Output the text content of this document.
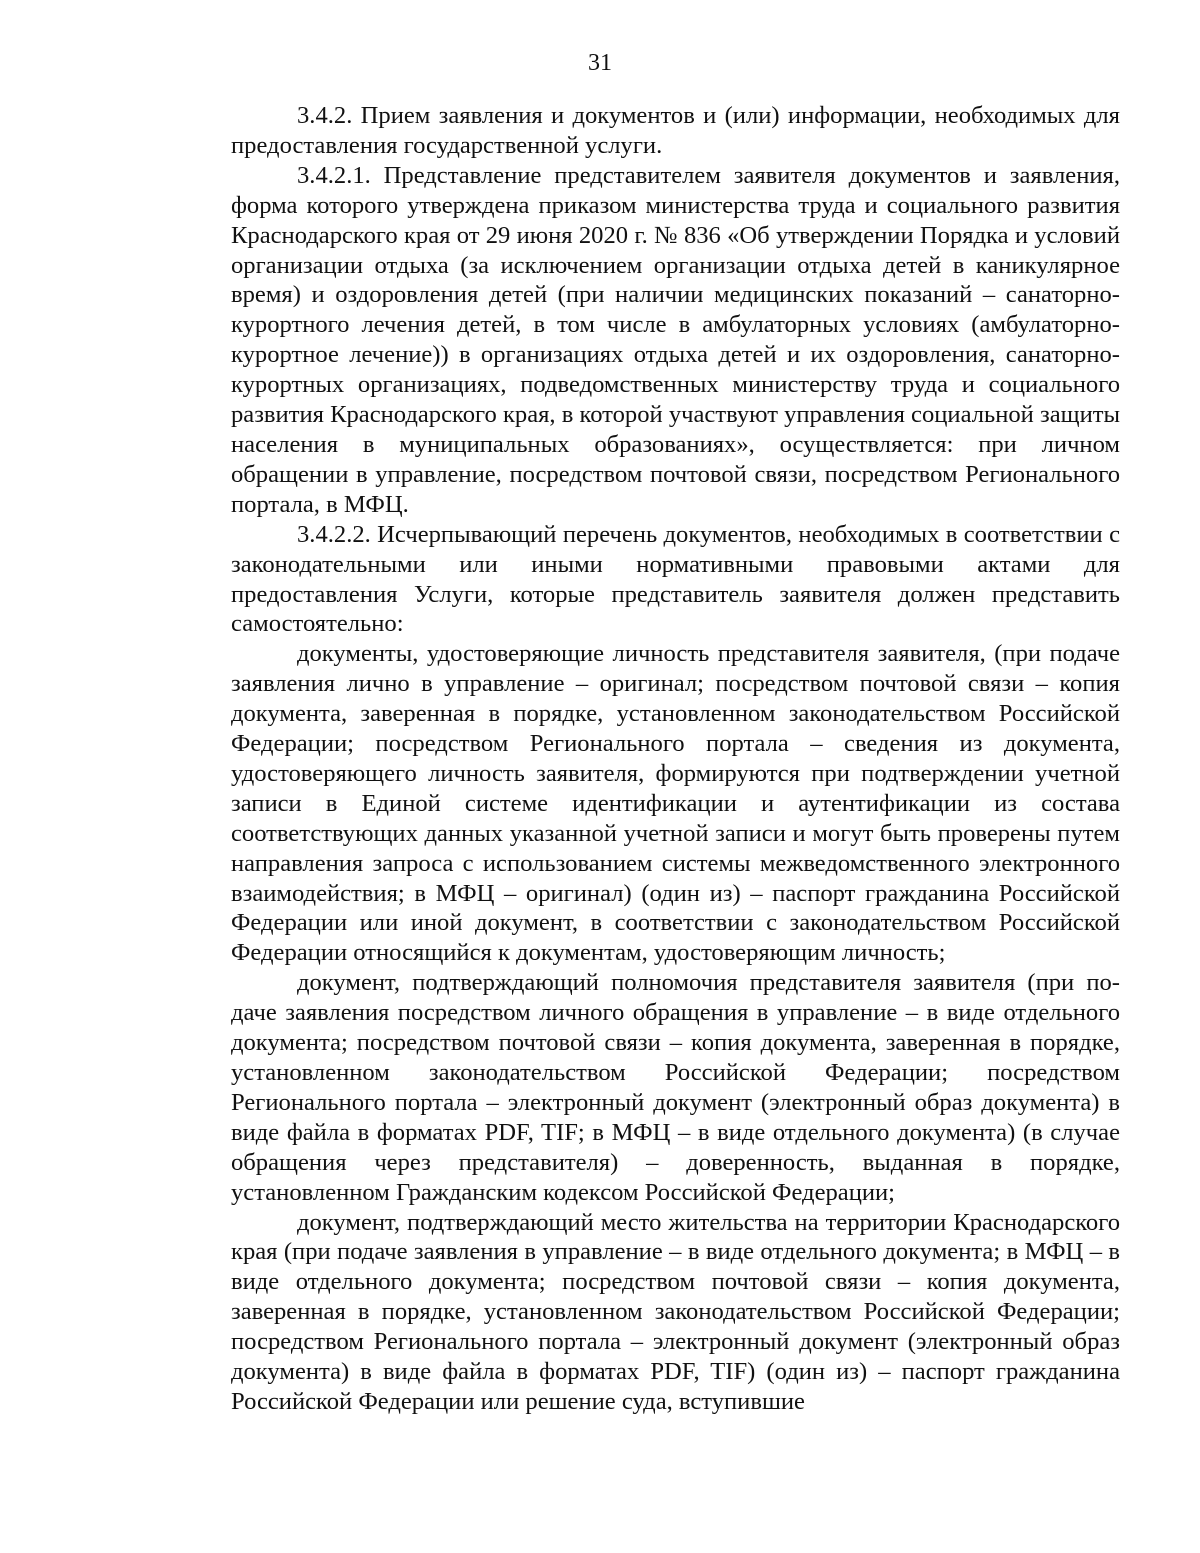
31

3.4.2. Прием заявления и документов и (или) информации, необходимых для предоставления государственной услуги.

3.4.2.1. Представление представителем заявителя документов и заявления, форма которого утверждена приказом министерства труда и социального развития Краснодарского края от 29 июня 2020 г. № 836 «Об утверждении Порядка и условий организации отдыха (за исключением организации отдыха детей в каникулярное время) и оздоровления детей (при наличии медицинских показаний – санаторно-курортного лечения детей, в том числе в амбулаторных условиях (амбулаторно-курортное лечение)) в организациях отдыха детей и их оздоровления, санаторно-курортных организациях, подведомственных министерству труда и социального развития Краснодарского края, в которой участвуют управления социальной защиты населения в муниципальных образованиях», осуществляется: при личном обращении в управление, посредством почтовой связи, посредством Регионального портала, в МФЦ.

3.4.2.2. Исчерпывающий перечень документов, необходимых в соответствии с законодательными или иными нормативными правовыми актами для предоставления Услуги, которые представитель заявителя должен представить самостоятельно:

документы, удостоверяющие личность представителя заявителя, (при подаче заявления лично в управление – оригинал; посредством почтовой связи – копия документа, заверенная в порядке, установленном законодательством Российской Федерации; посредством Регионального портала – сведения из документа, удостоверяющего личность заявителя, формируются при подтверждении учетной записи в Единой системе идентификации и аутентификации из состава соответствующих данных указанной учетной записи и могут быть проверены путем направления запроса с использованием системы межведомственного электронного взаимодействия; в МФЦ – оригинал) (один из) – паспорт гражданина Российской Федерации или иной документ, в соответствии с законодательством Российской Федерации относящийся к документам, удостоверяющим личность;

документ, подтверждающий полномочия представителя заявителя (при подаче заявления посредством личного обращения в управление – в виде отдельного документа; посредством почтовой связи – копия документа, заверенная в порядке, установленном законодательством Российской Федерации; посредством Регионального портала – электронный документ (электронный образ документа) в виде файла в форматах PDF, TIF; в МФЦ – в виде отдельного документа) (в случае обращения через представителя) – доверенность, выданная в порядке, установленном Гражданским кодексом Российской Федерации;

документ, подтверждающий место жительства на территории Краснодарского края (при подаче заявления в управление – в виде отдельного документа; в МФЦ – в виде отдельного документа; посредством почтовой связи – копия документа, заверенная в порядке, установленном законодательством Российской Федерации; посредством Регионального портала – электронный документ (электронный образ документа) в виде файла в форматах PDF, TIF) (один из) – паспорт гражданина Российской Федерации или решение суда, вступившие
